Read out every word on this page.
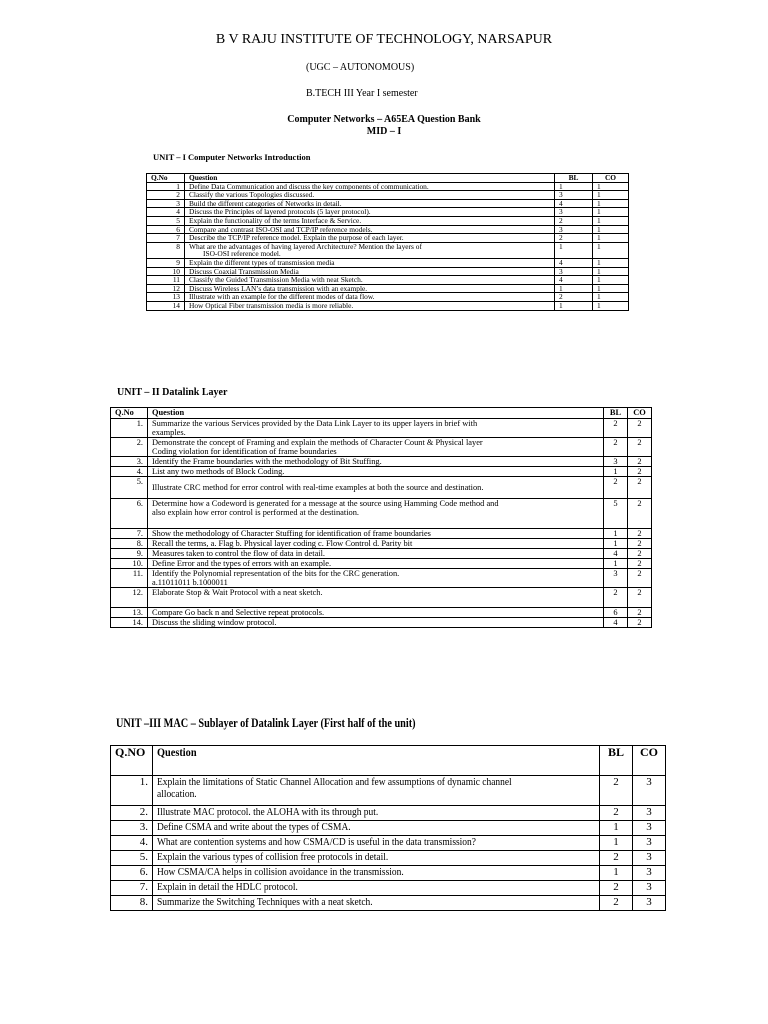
B V RAJU INSTITUTE OF TECHNOLOGY, NARSAPUR
(UGC – AUTONOMOUS)
B.TECH III Year I semester
Computer Networks – A65EA Question Bank
MID – I
UNIT – I Computer Networks Introduction
Q.No	Question	BL	CO
1	Define Data Communication and discuss the key components of communication.	1	1
2	Classify the various Topologies discussed.	3	1
3	Build the different categories of Networks in detail.	4	1
4	Discuss the Principles of layered protocols (5 layer protocol).	3	1
5	Explain the functionality of the terms Interface & Service.	2	1
6	Compare and contrast ISO-OSI and TCP/IP reference models.	3	1
7	Describe the TCP/IP reference model. Explain the purpose of each layer.	2	1
8	What are the advantages of having layered Architecture? Mention the layers of
ISO-OSI reference model.	1	1
9	Explain the different types of transmission media	4	1
10	Discuss Coaxial Transmission Media	3	1
11	Classify the Guided Transmission Media with neat Sketch.	4	1
12	Discuss Wireless LAN’s data transmission with an example.	1	1
13	Illustrate with an example for the different modes of data flow.	2	1
14	How Optical Fiber transmission media is more reliable.	1	1
UNIT – II Datalink Layer
Q.No	Question	BL	CO
1.	Summarize the various Services provided by the Data Link Layer to its upper layers in brief with
examples.	2	2
2.	Demonstrate the concept of Framing and explain the methods of Character Count & Physical layer
Coding violation for identification of frame boundaries	2	2
3.	Identify the Frame boundaries with the methodology of Bit Stuffing.	3	2
4.	List any two methods of Block Coding.	1	2
5.	Illustrate CRC method for error control with real-time examples at both the source and destination.	2	2
6.	Determine how a Codeword is generated for a message at the source using Hamming Code method and
also explain how error control is performed at the destination.	5	2
7.	Show the methodology of Character Stuffing for identification of frame boundaries	1	2
8.	Recall the terms, a. Flag b. Physical layer coding c. Flow Control d. Parity bit	1	2
9.	Measures taken to control the flow of data in detail.	4	2
10.	Define Error and the types of errors with an example.	1	2
11.	Identify the Polynomial representation of the bits for the CRC generation.
a.11011011 b.1000011	3	2
12.	Elaborate Stop & Wait Protocol with a neat sketch.	2	2
13.	Compare Go back n and Selective repeat protocols.	6	2
14.	Discuss the sliding window protocol.	4	2
UNIT –III MAC – Sublayer of Datalink Layer (First half of the unit)
Q.NO	Question	BL	CO
1.	Explain the limitations of Static Channel Allocation and few assumptions of dynamic channel
allocation.	2	3
2.	Illustrate MAC protocol. the ALOHA with its through put.	2	3
3.	Define CSMA and write about the types of CSMA.	1	3
4.	What are contention systems and how CSMA/CD is useful in the data transmission?	1	3
5.	Explain the various types of collision free protocols in detail.	2	3
6.	How CSMA/CA helps in collision avoidance in the transmission.	1	3
7.	Explain in detail the HDLC protocol.	2	3
8.	Summarize the Switching Techniques with a neat sketch.	2	3
